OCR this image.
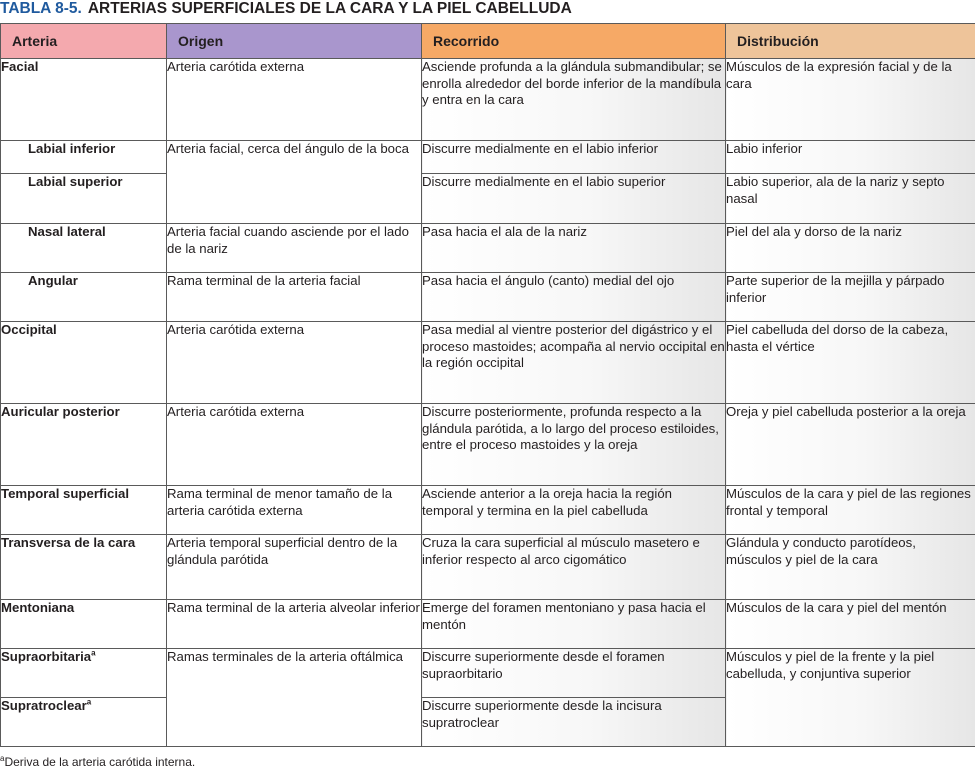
TABLA 8-5. ARTERIAS SUPERFICIALES DE LA CARA Y LA PIEL CABELLUDA
Arteria	Origen	Recorrido	Distribución
Facial	Arteria carótida externa	Asciende profunda a la glándula submandibular; se enrolla alrededor del borde inferior de la mandíbula y entra en la cara	Músculos de la expresión facial y de la cara
Labial inferior	Arteria facial, cerca del ángulo de la boca	Discurre medialmente en el labio inferior	Labio inferior
Labial superior		Discurre medialmente en el labio superior	Labio superior, ala de la nariz y septo nasal
Nasal lateral	Arteria facial cuando asciende por el lado de la nariz	Pasa hacia el ala de la nariz	Piel del ala y dorso de la nariz
Angular	Rama terminal de la arteria facial	Pasa hacia el ángulo (canto) medial del ojo	Parte superior de la mejilla y párpado inferior
Occipital	Arteria carótida externa	Pasa medial al vientre posterior del digástrico y el proceso mastoides; acompaña al nervio occipital en la región occipital	Piel cabelluda del dorso de la cabeza, hasta el vértice
Auricular posterior	Arteria carótida externa	Discurre posteriormente, profunda respecto a la glándula parótida, a lo largo del proceso estiloides, entre el proceso mastoides y la oreja	Oreja y piel cabelluda posterior a la oreja
Temporal superficial	Rama terminal de menor tamaño de la arteria carótida externa	Asciende anterior a la oreja hacia la región temporal y termina en la piel cabelluda	Músculos de la cara y piel de las regiones frontal y temporal
Transversa de la cara	Arteria temporal superficial dentro de la glándula parótida	Cruza la cara superficial al músculo masetero e inferior respecto al arco cigomático	Glándula y conducto parotídeos, músculos y piel de la cara
Mentoniana	Rama terminal de la arteria alveolar inferior	Emerge del foramen mentoniano y pasa hacia el mentón	Músculos de la cara y piel del mentón
Supraorbitaria$^a$	Ramas terminales de la arteria oftálmica	Discurre superiormente desde el foramen supraorbitario	Músculos y piel de la frente y la piel cabelluda, y conjuntiva superior
Supratroclear$^a$		Discurre superiormente desde la incisura supratroclear	
$^a$Deriva de la arteria carótida interna.
